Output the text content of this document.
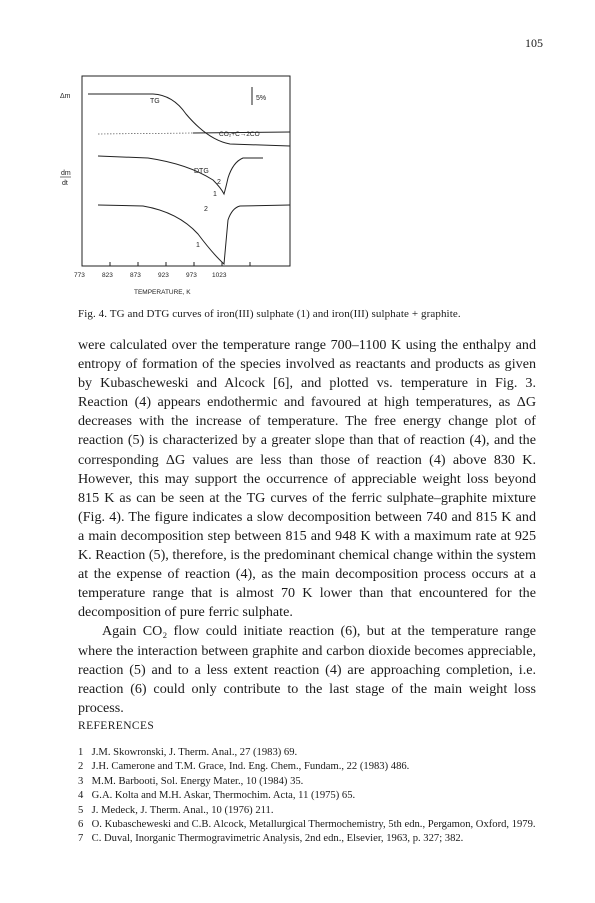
105
Δm
dm
dt
5%
TG
CO₂+C→2CO
DTG
2
1
2
1
773	823	873	923	973 1023
TEMPERATURE, K
Fig. 4. TG and DTG curves of iron(III) sulphate (1) and iron(III) sulphate + graphite.

were calculated over the temperature range 700–1100 K using the enthalpy and entropy of formation of the species involved as reactants and products as given by Kubascheweski and Alcock [6], and plotted vs. temperature in Fig. 3. Reaction (4) appears endothermic and favoured at high temperatures, as ΔG decreases with the increase of temperature. The free energy change plot of reaction (5) is characterized by a greater slope than that of reaction (4), and the corresponding ΔG values are less than those of reaction (4) above 830 K. However, this may support the occurrence of appreciable weight loss beyond 815 K as can be seen at the TG curves of the ferric sulphate–graphite mixture (Fig. 4). The figure indicates a slow decomposition between 740 and 815 K and a main decomposition step between 815 and 948 K with a maximum rate at 925 K. Reaction (5), therefore, is the predominant chemical change within the system at the expense of reaction (4), as the main decomposition process occurs at a temperature range that is almost 70 K lower than that encountered for the decomposition of pure ferric sulphate.

Again CO₂ flow could initiate reaction (6), but at the temperature range where the interaction between graphite and carbon dioxide becomes appreciable, reaction (5) and to a less extent reaction (4) are approaching completion, i.e. reaction (6) could only contribute to the last stage of the main weight loss process.

REFERENCES
1 J.M. Skowronski, J. Therm. Anal., 27 (1983) 69.
2 J.H. Camerone and T.M. Grace, Ind. Eng. Chem., Fundam., 22 (1983) 486.
3 M.M. Barbooti, Sol. Energy Mater., 10 (1984) 35.
4 G.A. Kolta and M.H. Askar, Thermochim. Acta, 11 (1975) 65.
5 J. Medeck, J. Therm. Anal., 10 (1976) 211.
6 O. Kubascheweski and C.B. Alcock, Metallurgical Thermochemistry, 5th edn., Pergamon, Oxford, 1979.
7 C. Duval, Inorganic Thermogravimetric Analysis, 2nd edn., Elsevier, 1963, p. 327; 382.
